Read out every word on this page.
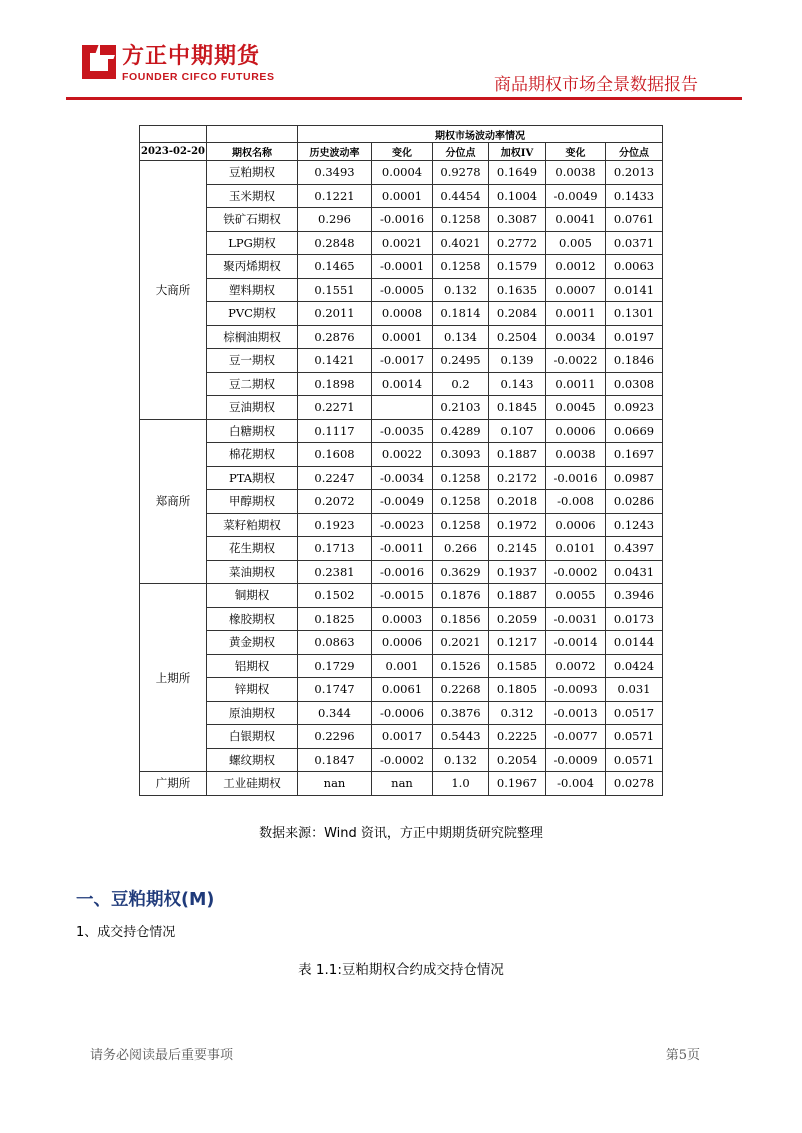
方正中期期货
FOUNDER CIFCO FUTURES	商品期权市场全景数据报告
		期权市场波动率情况					
2023-02-20	期权名称	历史波动率	变化	分位点	加权IV	变化	分位点
大商所	豆粕期权	0.3493	0.0004	0.9278	0.1649	0.0038	0.2013
	玉米期权	0.1221	0.0001	0.4454	0.1004	-0.0049	0.1433
	铁矿石期权	0.296	-0.0016	0.1258	0.3087	0.0041	0.0761
	LPG期权	0.2848	0.0021	0.4021	0.2772	0.005	0.0371
	聚丙烯期权	0.1465	-0.0001	0.1258	0.1579	0.0012	0.0063
	塑料期权	0.1551	-0.0005	0.132	0.1635	0.0007	0.0141
	PVC期权	0.2011	0.0008	0.1814	0.2084	0.0011	0.1301
	棕榈油期权	0.2876	0.0001	0.134	0.2504	0.0034	0.0197
	豆一期权	0.1421	-0.0017	0.2495	0.139	-0.0022	0.1846
	豆二期权	0.1898	0.0014	0.2	0.143	0.0011	0.0308
	豆油期权	0.2271		0.2103	0.1845	0.0045	0.0923
郑商所	白糖期权	0.1117	-0.0035	0.4289	0.107	0.0006	0.0669
	棉花期权	0.1608	0.0022	0.3093	0.1887	0.0038	0.1697
	PTA期权	0.2247	-0.0034	0.1258	0.2172	-0.0016	0.0987
	甲醇期权	0.2072	-0.0049	0.1258	0.2018	-0.008	0.0286
	菜籽粕期权	0.1923	-0.0023	0.1258	0.1972	0.0006	0.1243
	花生期权	0.1713	-0.0011	0.266	0.2145	0.0101	0.4397
	菜油期权	0.2381	-0.0016	0.3629	0.1937	-0.0002	0.0431
上期所	铜期权	0.1502	-0.0015	0.1876	0.1887	0.0055	0.3946
	橡胶期权	0.1825	0.0003	0.1856	0.2059	-0.0031	0.0173
	黄金期权	0.0863	0.0006	0.2021	0.1217	-0.0014	0.0144
	铝期权	0.1729	0.001	0.1526	0.1585	0.0072	0.0424
	锌期权	0.1747	0.0061	0.2268	0.1805	-0.0093	0.031
	原油期权	0.344	-0.0006	0.3876	0.312	-0.0013	0.0517
	白银期权	0.2296	0.0017	0.5443	0.2225	-0.0077	0.0571
	螺纹期权	0.1847	-0.0002	0.132	0.2054	-0.0009	0.0571
广期所	工业硅期权	nan	nan	1.0	0.1967	-0.004	0.0278
数据来源：Wind 资讯，方正中期期货研究院整理
一、豆粕期权(M)
1、成交持仓情况
表 1.1:豆粕期权合约成交持仓情况
请务必阅读最后重要事项	第5页
